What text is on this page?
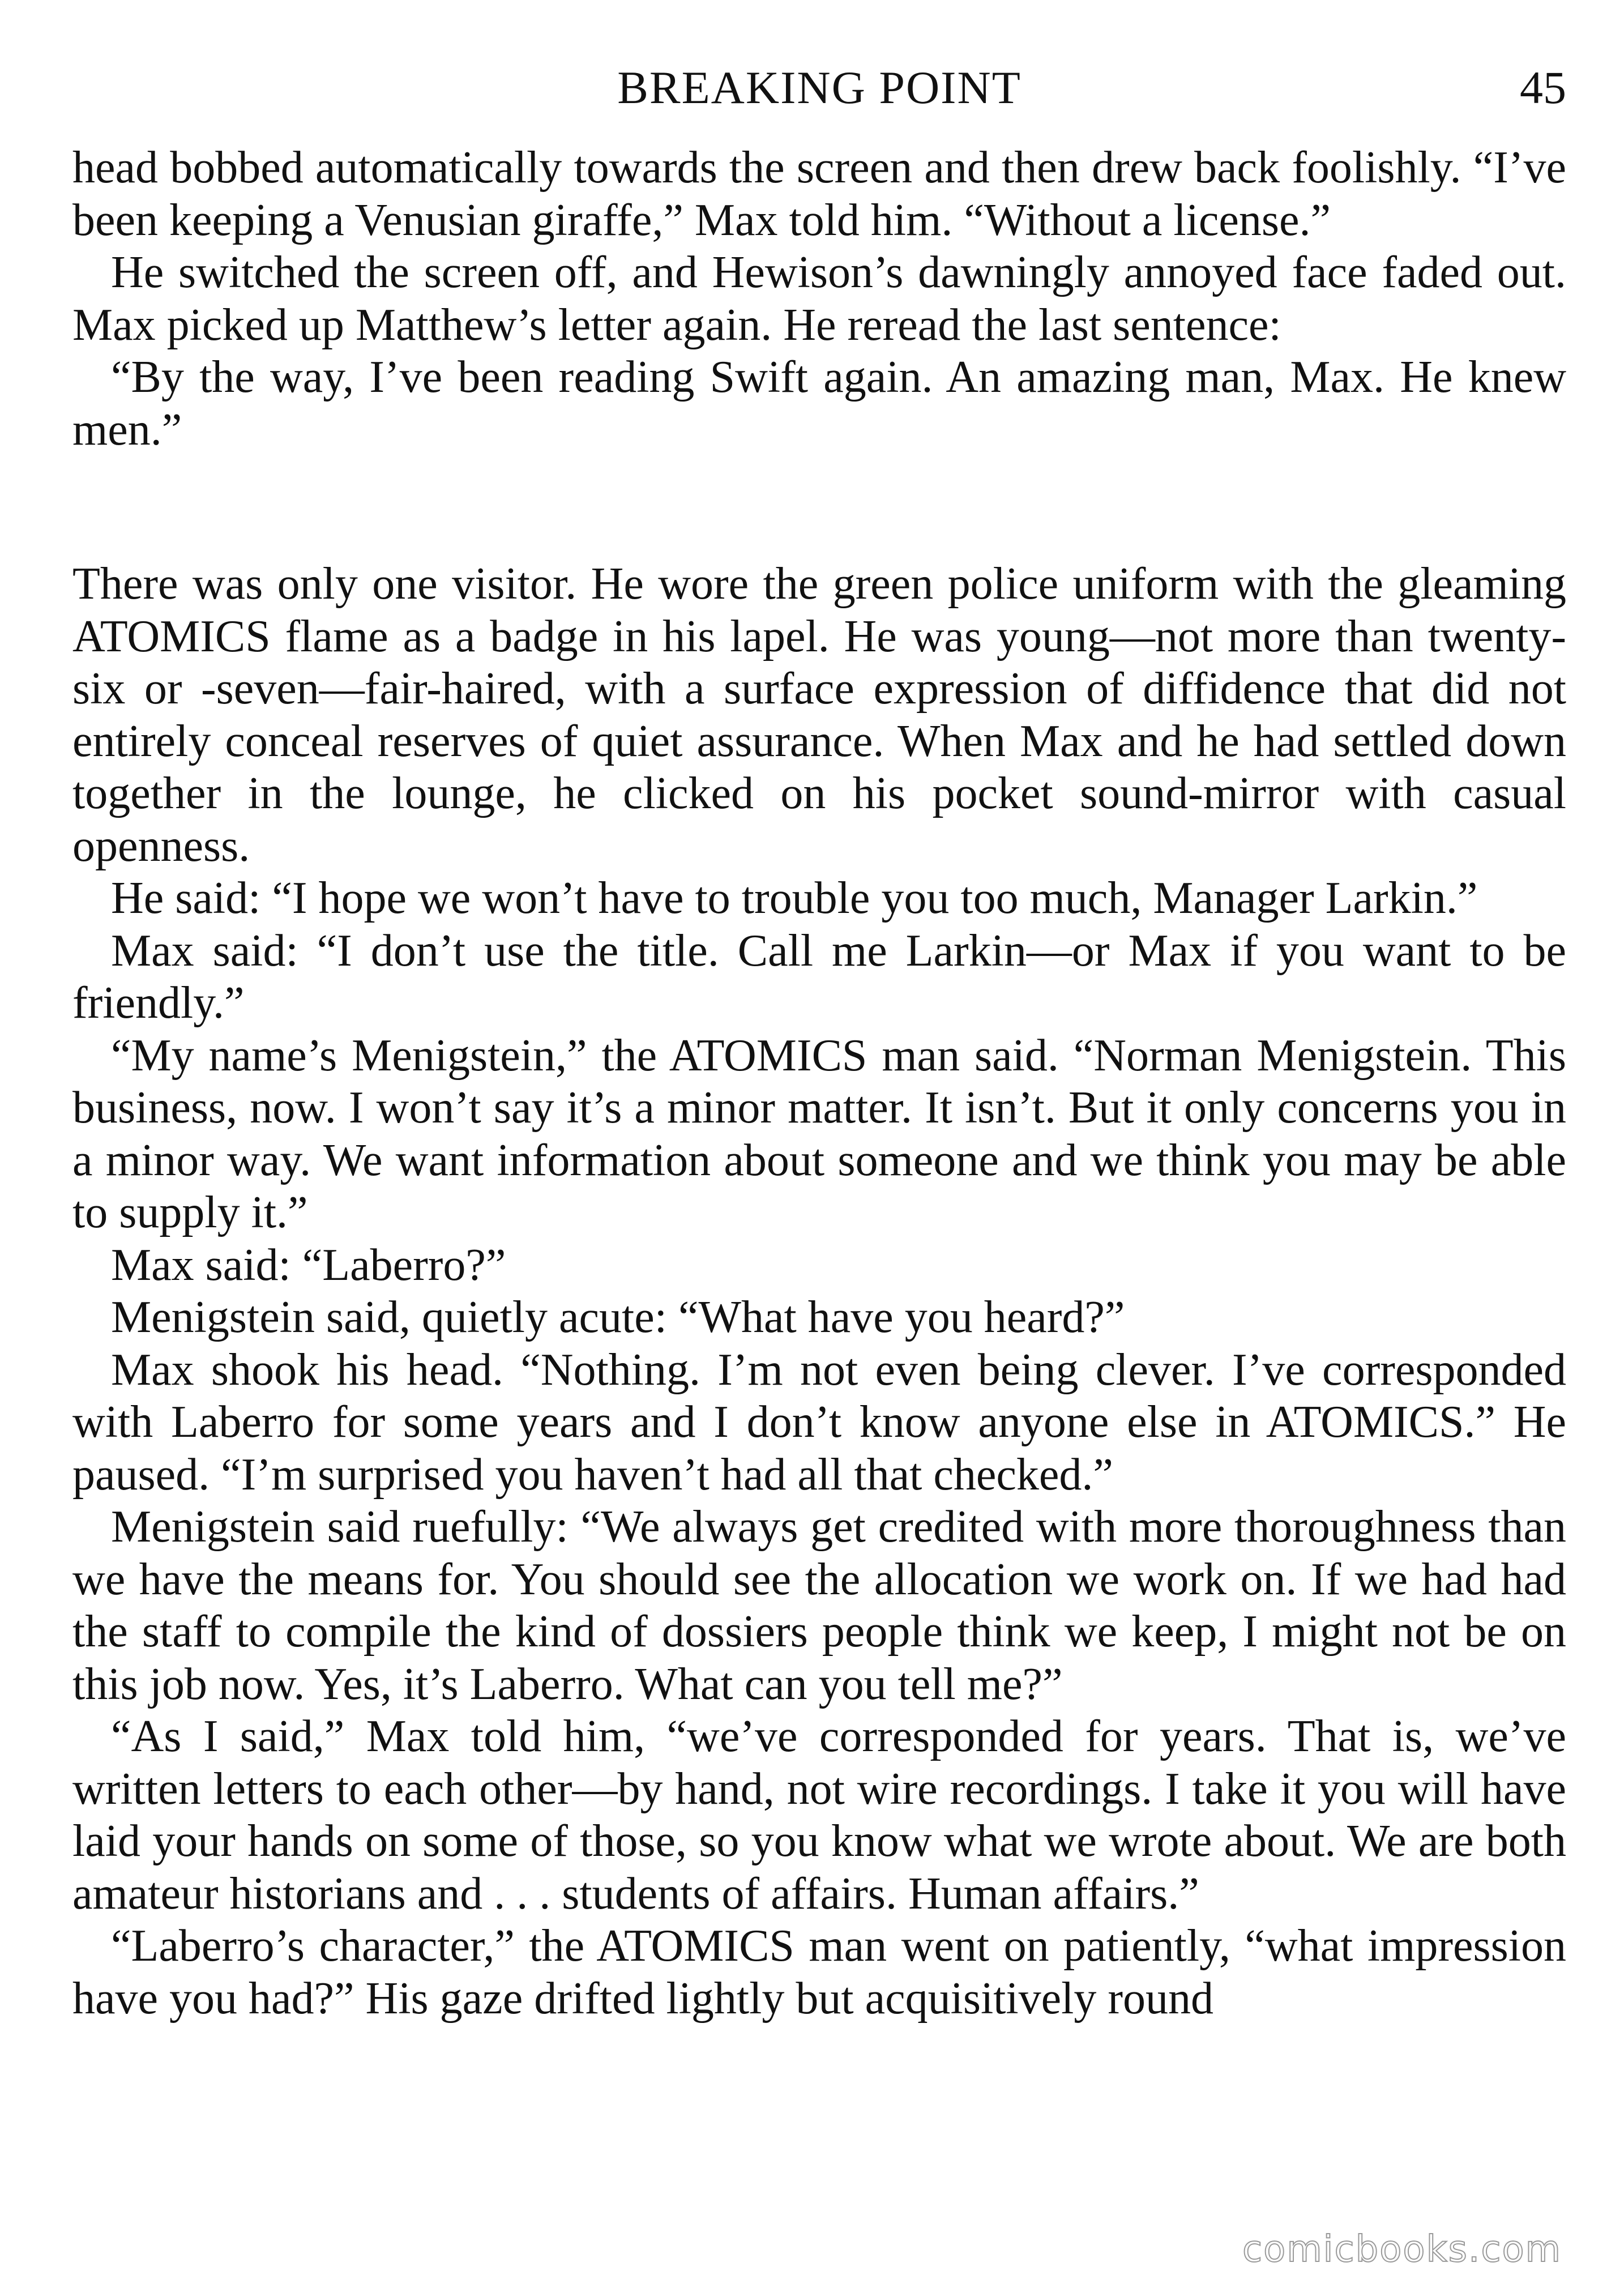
BREAKING POINT	45

head bobbed automatically towards the screen and then drew back foolishly. “I’ve been keeping a Venusian giraffe,” Max told him. “Without a license.”

He switched the screen off, and Hewison’s dawningly annoyed face faded out. Max picked up Matthew’s letter again. He reread the last sentence:

“By the way, I’ve been reading Swift again. An amazing man, Max. He knew men.”

There was only one visitor. He wore the green police uniform with the gleaming ATOMICS flame as a badge in his lapel. He was young—not more than twenty-six or -seven—fair-haired, with a surface expression of diffidence that did not entirely conceal reserves of quiet assurance. When Max and he had settled down together in the lounge, he clicked on his pocket sound-mirror with casual openness.

He said: “I hope we won’t have to trouble you too much, Manager Larkin.”

Max said: “I don’t use the title. Call me Larkin—or Max if you want to be friendly.”

“My name’s Menigstein,” the ATOMICS man said. “Norman Menigstein. This business, now. I won’t say it’s a minor matter. It isn’t. But it only concerns you in a minor way. We want information about someone and we think you may be able to supply it.”

Max said: “Laberro?”

Menigstein said, quietly acute: “What have you heard?”

Max shook his head. “Nothing. I’m not even being clever. I’ve corresponded with Laberro for some years and I don’t know anyone else in ATOMICS.” He paused. “I’m surprised you haven’t had all that checked.”

Menigstein said ruefully: “We always get credited with more thoroughness than we have the means for. You should see the allocation we work on. If we had had the staff to compile the kind of dossiers people think we keep, I might not be on this job now. Yes, it’s Laberro. What can you tell me?”

“As I said,” Max told him, “we’ve corresponded for years. That is, we’ve written letters to each other—by hand, not wire recordings. I take it you will have laid your hands on some of those, so you know what we wrote about. We are both amateur historians and . . . students of affairs. Human affairs.”

“Laberro’s character,” the ATOMICS man went on patiently, “what impression have you had?” His gaze drifted lightly but acquisitively round

comicbooks.com
